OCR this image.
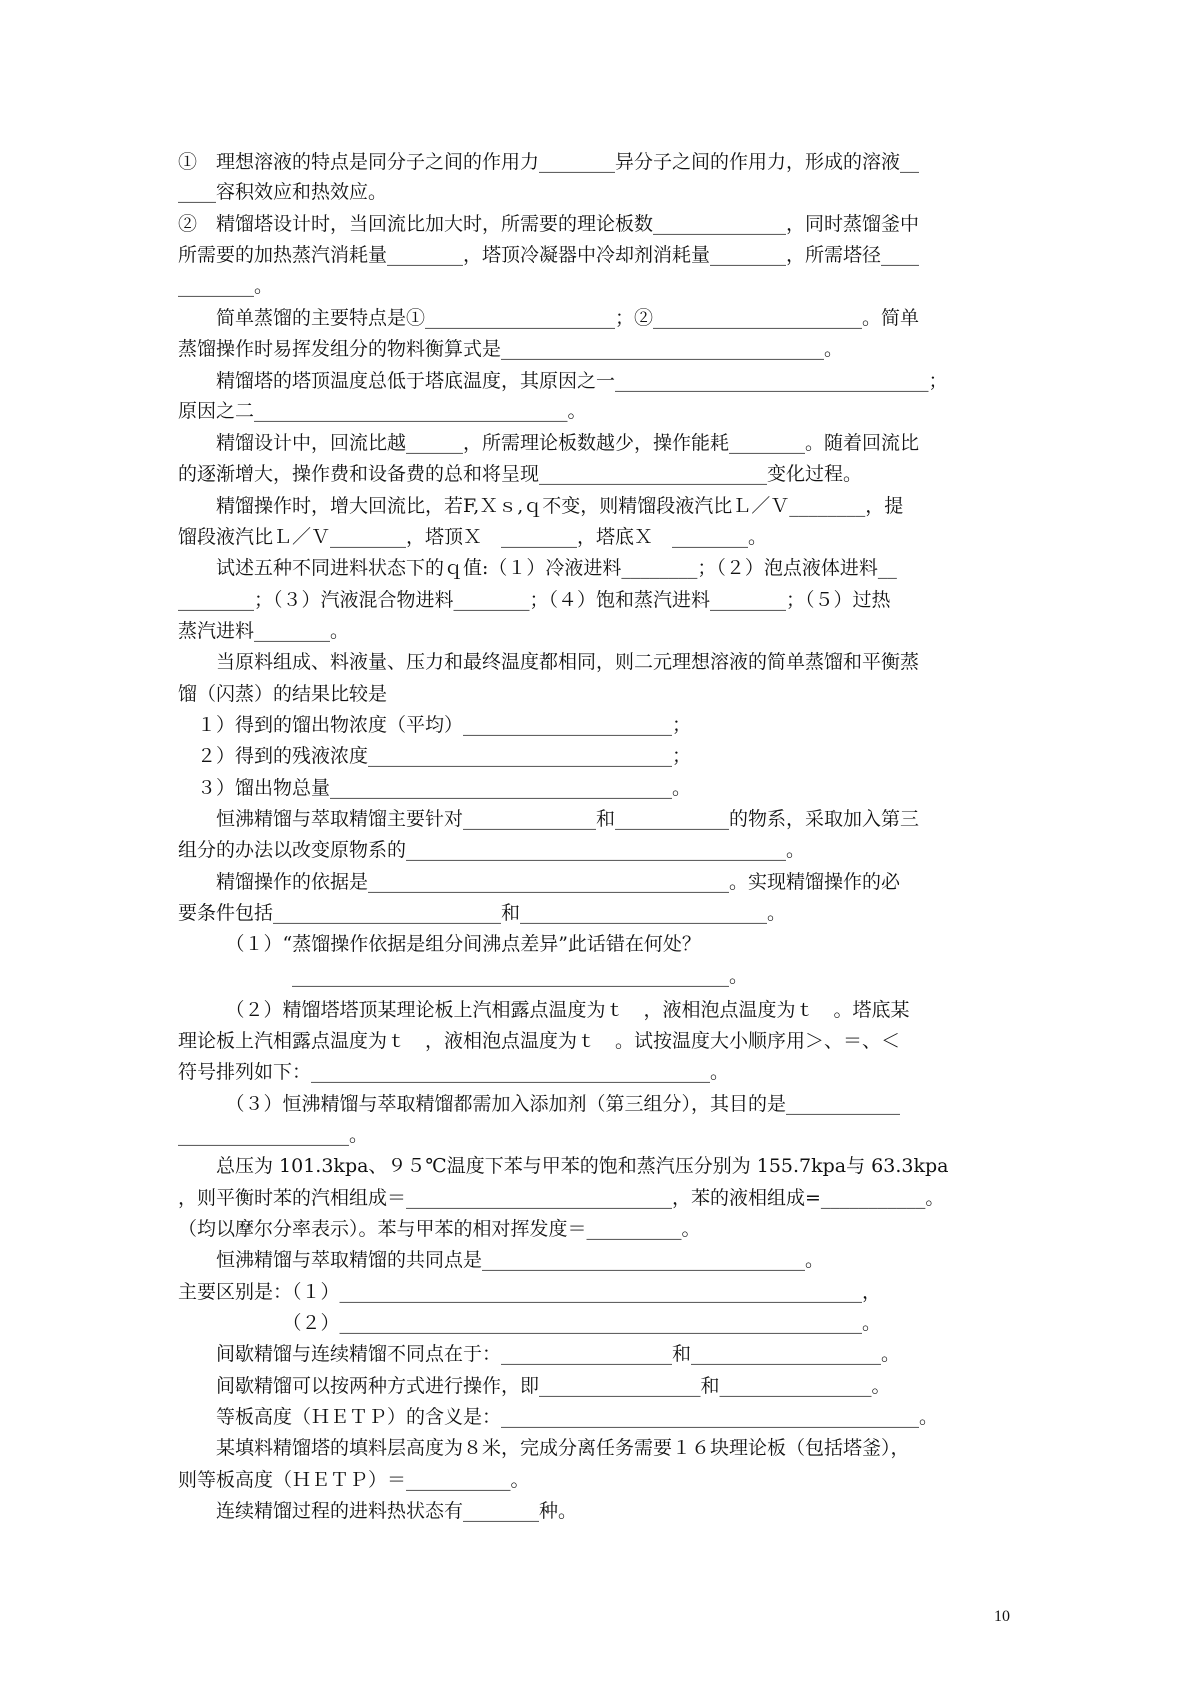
①　理想溶液的特点是同分子之间的作用力________异分子之间的作用力，形成的溶液__
____容积效应和热效应。
②　精馏塔设计时，当回流比加大时，所需要的理论板数______________，同时蒸馏釜中
所需要的加热蒸汽消耗量________，塔顶冷凝器中冷却剂消耗量________，所需塔径____
________。
　　简单蒸馏的主要特点是①____________________；②______________________。简单
蒸馏操作时易挥发组分的物料衡算式是__________________________________。
　　精馏塔的塔顶温度总低于塔底温度，其原因之一_________________________________；
原因之二_________________________________。
　　精馏设计中，回流比越______，所需理论板数越少，操作能耗________。随着回流比
的逐渐增大，操作费和设备费的总和将呈现________________________变化过程。
　　精馏操作时，增大回流比，若F,Ｘｓ,ｑ不变，则精馏段液汽比Ｌ／Ｖ________，提
馏段液汽比Ｌ／Ｖ________，塔顶Ｘ　________，塔底Ｘ　________。
　　试述五种不同进料状态下的ｑ值:（１）冷液进料________；（２）泡点液体进料__
________；（３）汽液混合物进料________；（４）饱和蒸汽进料________；（５）过热
蒸汽进料________。
　　当原料组成、料液量、压力和最终温度都相同，则二元理想溶液的简单蒸馏和平衡蒸
馏（闪蒸）的结果比较是
　１）得到的馏出物浓度（平均）______________________；
　２）得到的残液浓度________________________________；
　３）馏出物总量____________________________________。
　　恒沸精馏与萃取精馏主要针对______________和____________的物系，采取加入第三
组分的办法以改变原物系的________________________________________。
　　精馏操作的依据是______________________________________。实现精馏操作的必
要条件包括________________________和__________________________。
　　　（１）“蒸馏操作依据是组分间沸点差异”此话错在何处？
　　　　　　______________________________________________。
　　　（２）精馏塔塔顶某理论板上汽相露点温度为ｔ　，液相泡点温度为ｔ　。塔底某
理论板上汽相露点温度为ｔ　，液相泡点温度为ｔ　。试按温度大小顺序用＞、＝、＜
符号排列如下：__________________________________________。
　　　（３）恒沸精馏与萃取精馏都需加入添加剂（第三组分），其目的是____________
__________________。
　　总压为 101.3kpa、９５℃温度下苯与甲苯的饱和蒸汽压分别为 155.7kpa与 63.3kpa
，则平衡时苯的汽相组成＝____________________________，苯的液相组成=___________。
（均以摩尔分率表示）。苯与甲苯的相对挥发度＝__________。
　　恒沸精馏与萃取精馏的共同点是__________________________________。
主要区别是：（１）_______________________________________________________，
　　　　　　（２）_______________________________________________________。
　　间歇精馏与连续精馏不同点在于：__________________和____________________。
　　间歇精馏可以按两种方式进行操作，即_________________和________________。
　　等板高度（ＨＥＴＰ）的含义是：____________________________________________。
　　某填料精馏塔的填料层高度为８米，完成分离任务需要１６块理论板（包括塔釜），
则等板高度（ＨＥＴＰ）＝___________。
　　连续精馏过程的进料热状态有________种。
10
